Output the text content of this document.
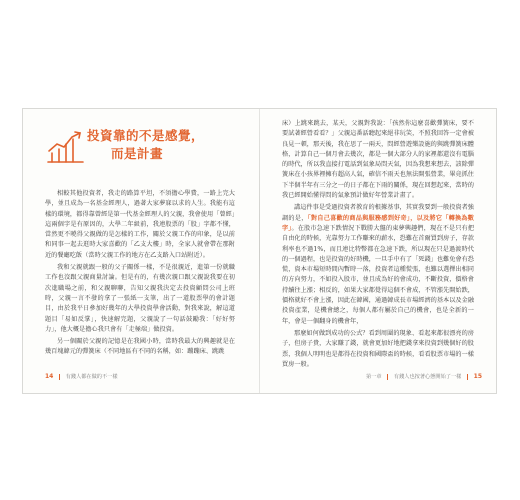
投資靠的不是感覺，
而是計畫

相較其他投資者，我走的路算平坦，不須擔心學費，一路上完大學，並且成為一名基金經理人，過著大家夢寐以求的人生。我能有這樣的環境，都得靠曾經是第一代基金經理人的父親，我會使用「曾經」這兩個字是有原因的，大學二年級前，我連股票的「股」字都不懂，當然更不曉得父親做的是怎樣的工作，關於父親工作的印象，是以前和同事一起去逛時大家喜歡的「乙支大樓」時，全家人就會帶在那附近的餐廳吃飯（當時父親工作的地方在乙支路入口站附近）。

我和父親就跟一般的父子關係一樣，不是很親近，進第一份就職工作也沒跟父親商量討論。但是有的，有幾次親口跟父親說我要在初次進職場之前，和父親聊聊，告知父親我決定去投資顧問公司上班時，父親一言不發的拿了一張紙一支筆，出了一道股票學的會計題目，由於我平日參加好幾年的大學投資學會活動，對我來說，解這道題目「易如反掌」，快速解完題，父親說了一句話鼓勵我：「好好努力」，他大概是擔心我只會有「走極端」做投資。

另一個關於父親的記憶是在我國小時，當時我最大的興趣就是在幾百塊韓元的彈簧床（不同地區有不同的名稱，如：蹦蹦床、跳跳

14 有錢人都在做的不一樣

床）上跳來跳去，某天，父親對我說：「孩然你這麼喜歡彈簧床，要不要試著經營看看？」父親這番話聽起來絕非玩笑，不照我回答一定會被良見一頓，那天後，我在思了一兩天，問經營遊樂設施的與跳彈簧床體格，計算自己一個月會去幾次，都是一個大部分人的家裡都還沒有電腦的時代，所以我直接打電話到氣象局問天氣，因為我想來想去，該除彈簧床在小孩界裡擁有超高人氣，確信不雨天也無法開張營業，畢竟抓住下半個半年有三分之一的日子都在下雨的關係，現在回想起來，當時的我已經開始懂得問的氣象預計做好年營業計畫了。

講這件事是受過投資者教育的根據基事，其實我要到一般投資者強調的是，「對自己喜歡的商品與服務感到好奇」，以及將它「轉換為數字」。在股市急速下跌情況下戰勝大盤的東夢興趣們，現在不是只有把自由化的時候，光靠努力工作賺來的薪水，恐難在首爾買到房子，存款利率也不過1%，而且連比特幣都在急速下跌，所以現在只是過渡時代的一個過程，也是投資的好時機，一旦手中有了「死錢」也難免會有恐慌，資本市場短時間內暫時一落，投資者這種慌張，也難以選擇出相同的方向努力，不如投入股市，並且成為好的會成功，不斷投資，價格會持續往上漲；相反的，如果大家都覺得這個不會成，不管漲先開始跌，價格就好不會上漲，因此在韓國，通過韓成長市場經濟的基本以及金融投資產業，是機會總之，每個人都有屬於自己的機會，也是全新的一年，會是一個翻身的機會年，

那麼如何做到成功的公式？看到周圍的現象、看起來都很漂亮的房子，但房子貴，大家賺了錢，就會更加好地把錢拿來投資到幾個好的股票，我個人明明也是都得在投資和國際盃的時候，看看股票市場的一樣買房一般。

第一章 有錢人也按著心態開始了一樣 15
